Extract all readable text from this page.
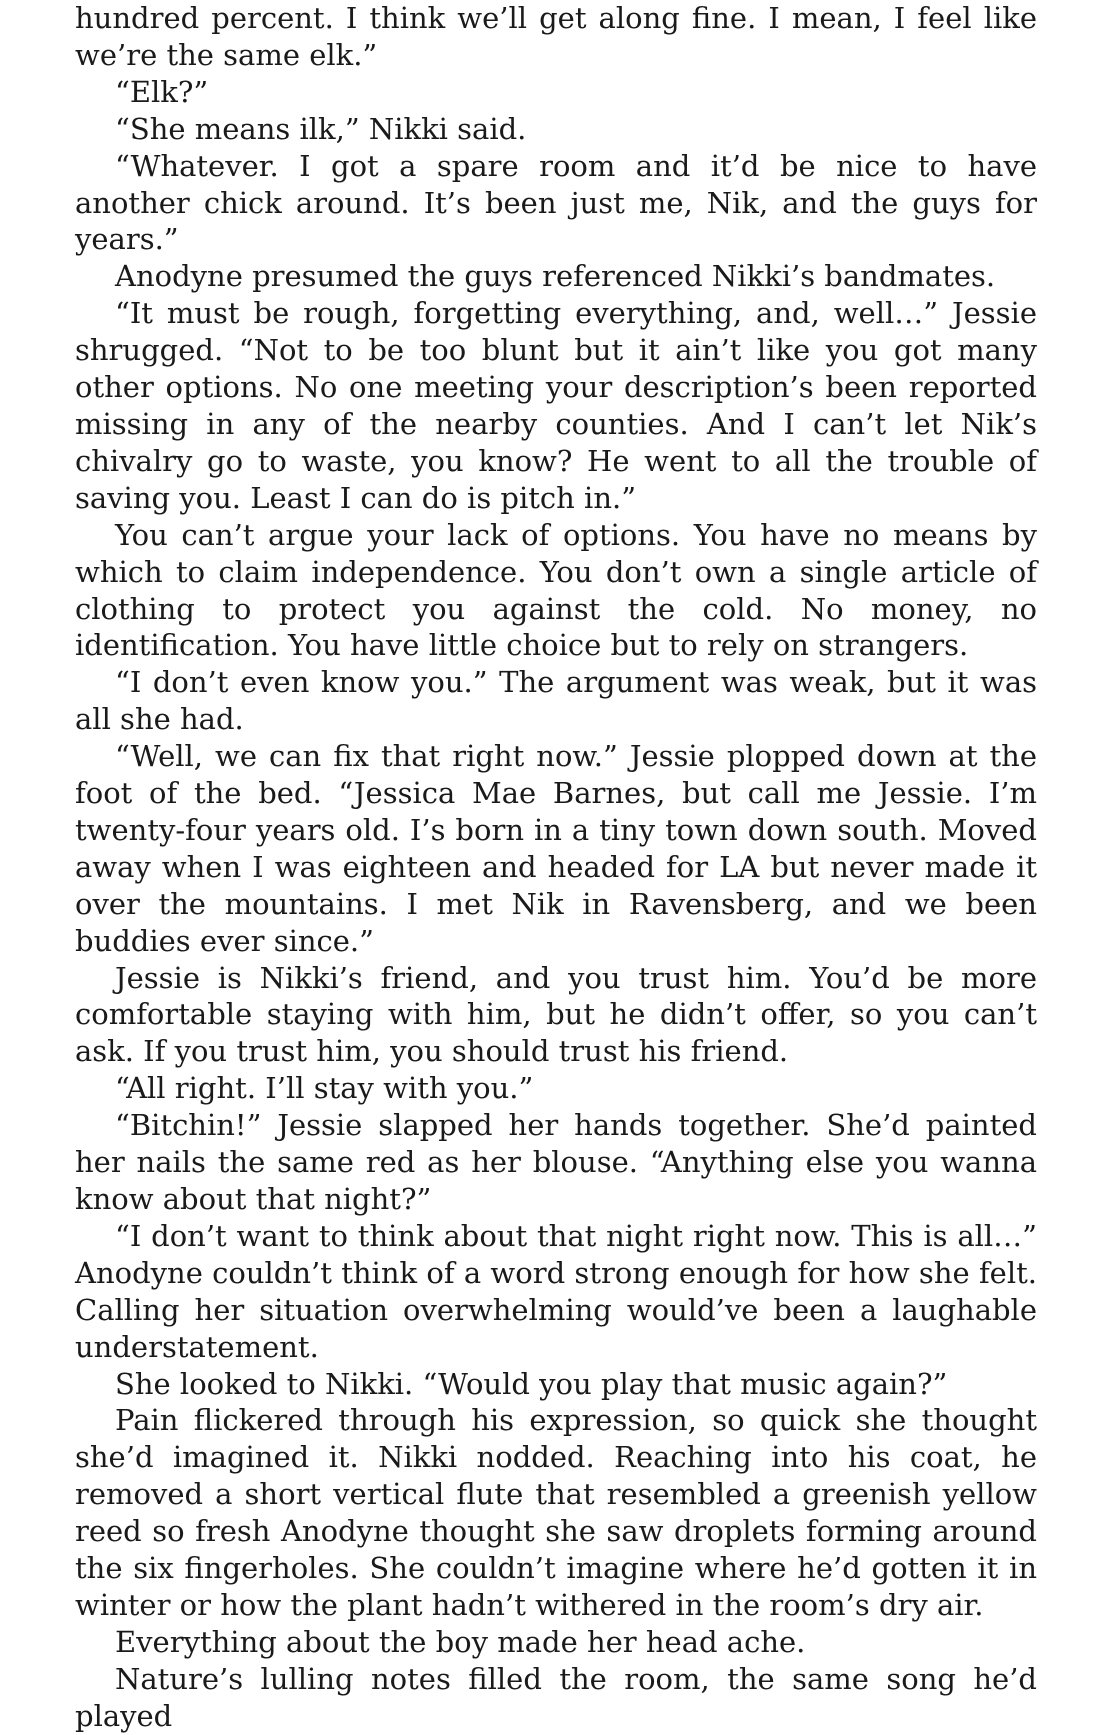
hundred percent. I think we’ll get along fine. I mean, I feel like we’re the same elk.”

“Elk?”

“She means ilk,” Nikki said.

“Whatever. I got a spare room and it’d be nice to have another chick around. It’s been just me, Nik, and the guys for years.”

Anodyne presumed the guys referenced Nikki’s bandmates.

“It must be rough, forgetting everything, and, well…” Jessie shrugged. “Not to be too blunt but it ain’t like you got many other options. No one meeting your description’s been reported missing in any of the nearby counties. And I can’t let Nik’s chivalry go to waste, you know? He went to all the trouble of saving you. Least I can do is pitch in.”

You can’t argue your lack of options. You have no means by which to claim independence. You don’t own a single article of clothing to protect you against the cold. No money, no identification. You have little choice but to rely on strangers.

“I don’t even know you.” The argument was weak, but it was all she had.

“Well, we can fix that right now.” Jessie plopped down at the foot of the bed. “Jessica Mae Barnes, but call me Jessie. I’m twenty-four years old. I’s born in a tiny town down south. Moved away when I was eighteen and headed for LA but never made it over the mountains. I met Nik in Ravensberg, and we been buddies ever since.”

Jessie is Nikki’s friend, and you trust him. You’d be more comfortable staying with him, but he didn’t offer, so you can’t ask. If you trust him, you should trust his friend.

“All right. I’ll stay with you.”

“Bitchin!” Jessie slapped her hands together. She’d painted her nails the same red as her blouse. “Anything else you wanna know about that night?”

“I don’t want to think about that night right now. This is all…” Anodyne couldn’t think of a word strong enough for how she felt. Calling her situation overwhelming would’ve been a laughable understatement.

She looked to Nikki. “Would you play that music again?”

Pain flickered through his expression, so quick she thought she’d imagined it. Nikki nodded. Reaching into his coat, he removed a short vertical flute that resembled a greenish yellow reed so fresh Anodyne thought she saw droplets forming around the six fingerholes. She couldn’t imagine where he’d gotten it in winter or how the plant hadn’t withered in the room’s dry air.

Everything about the boy made her head ache.

Nature’s lulling notes filled the room, the same song he’d played
